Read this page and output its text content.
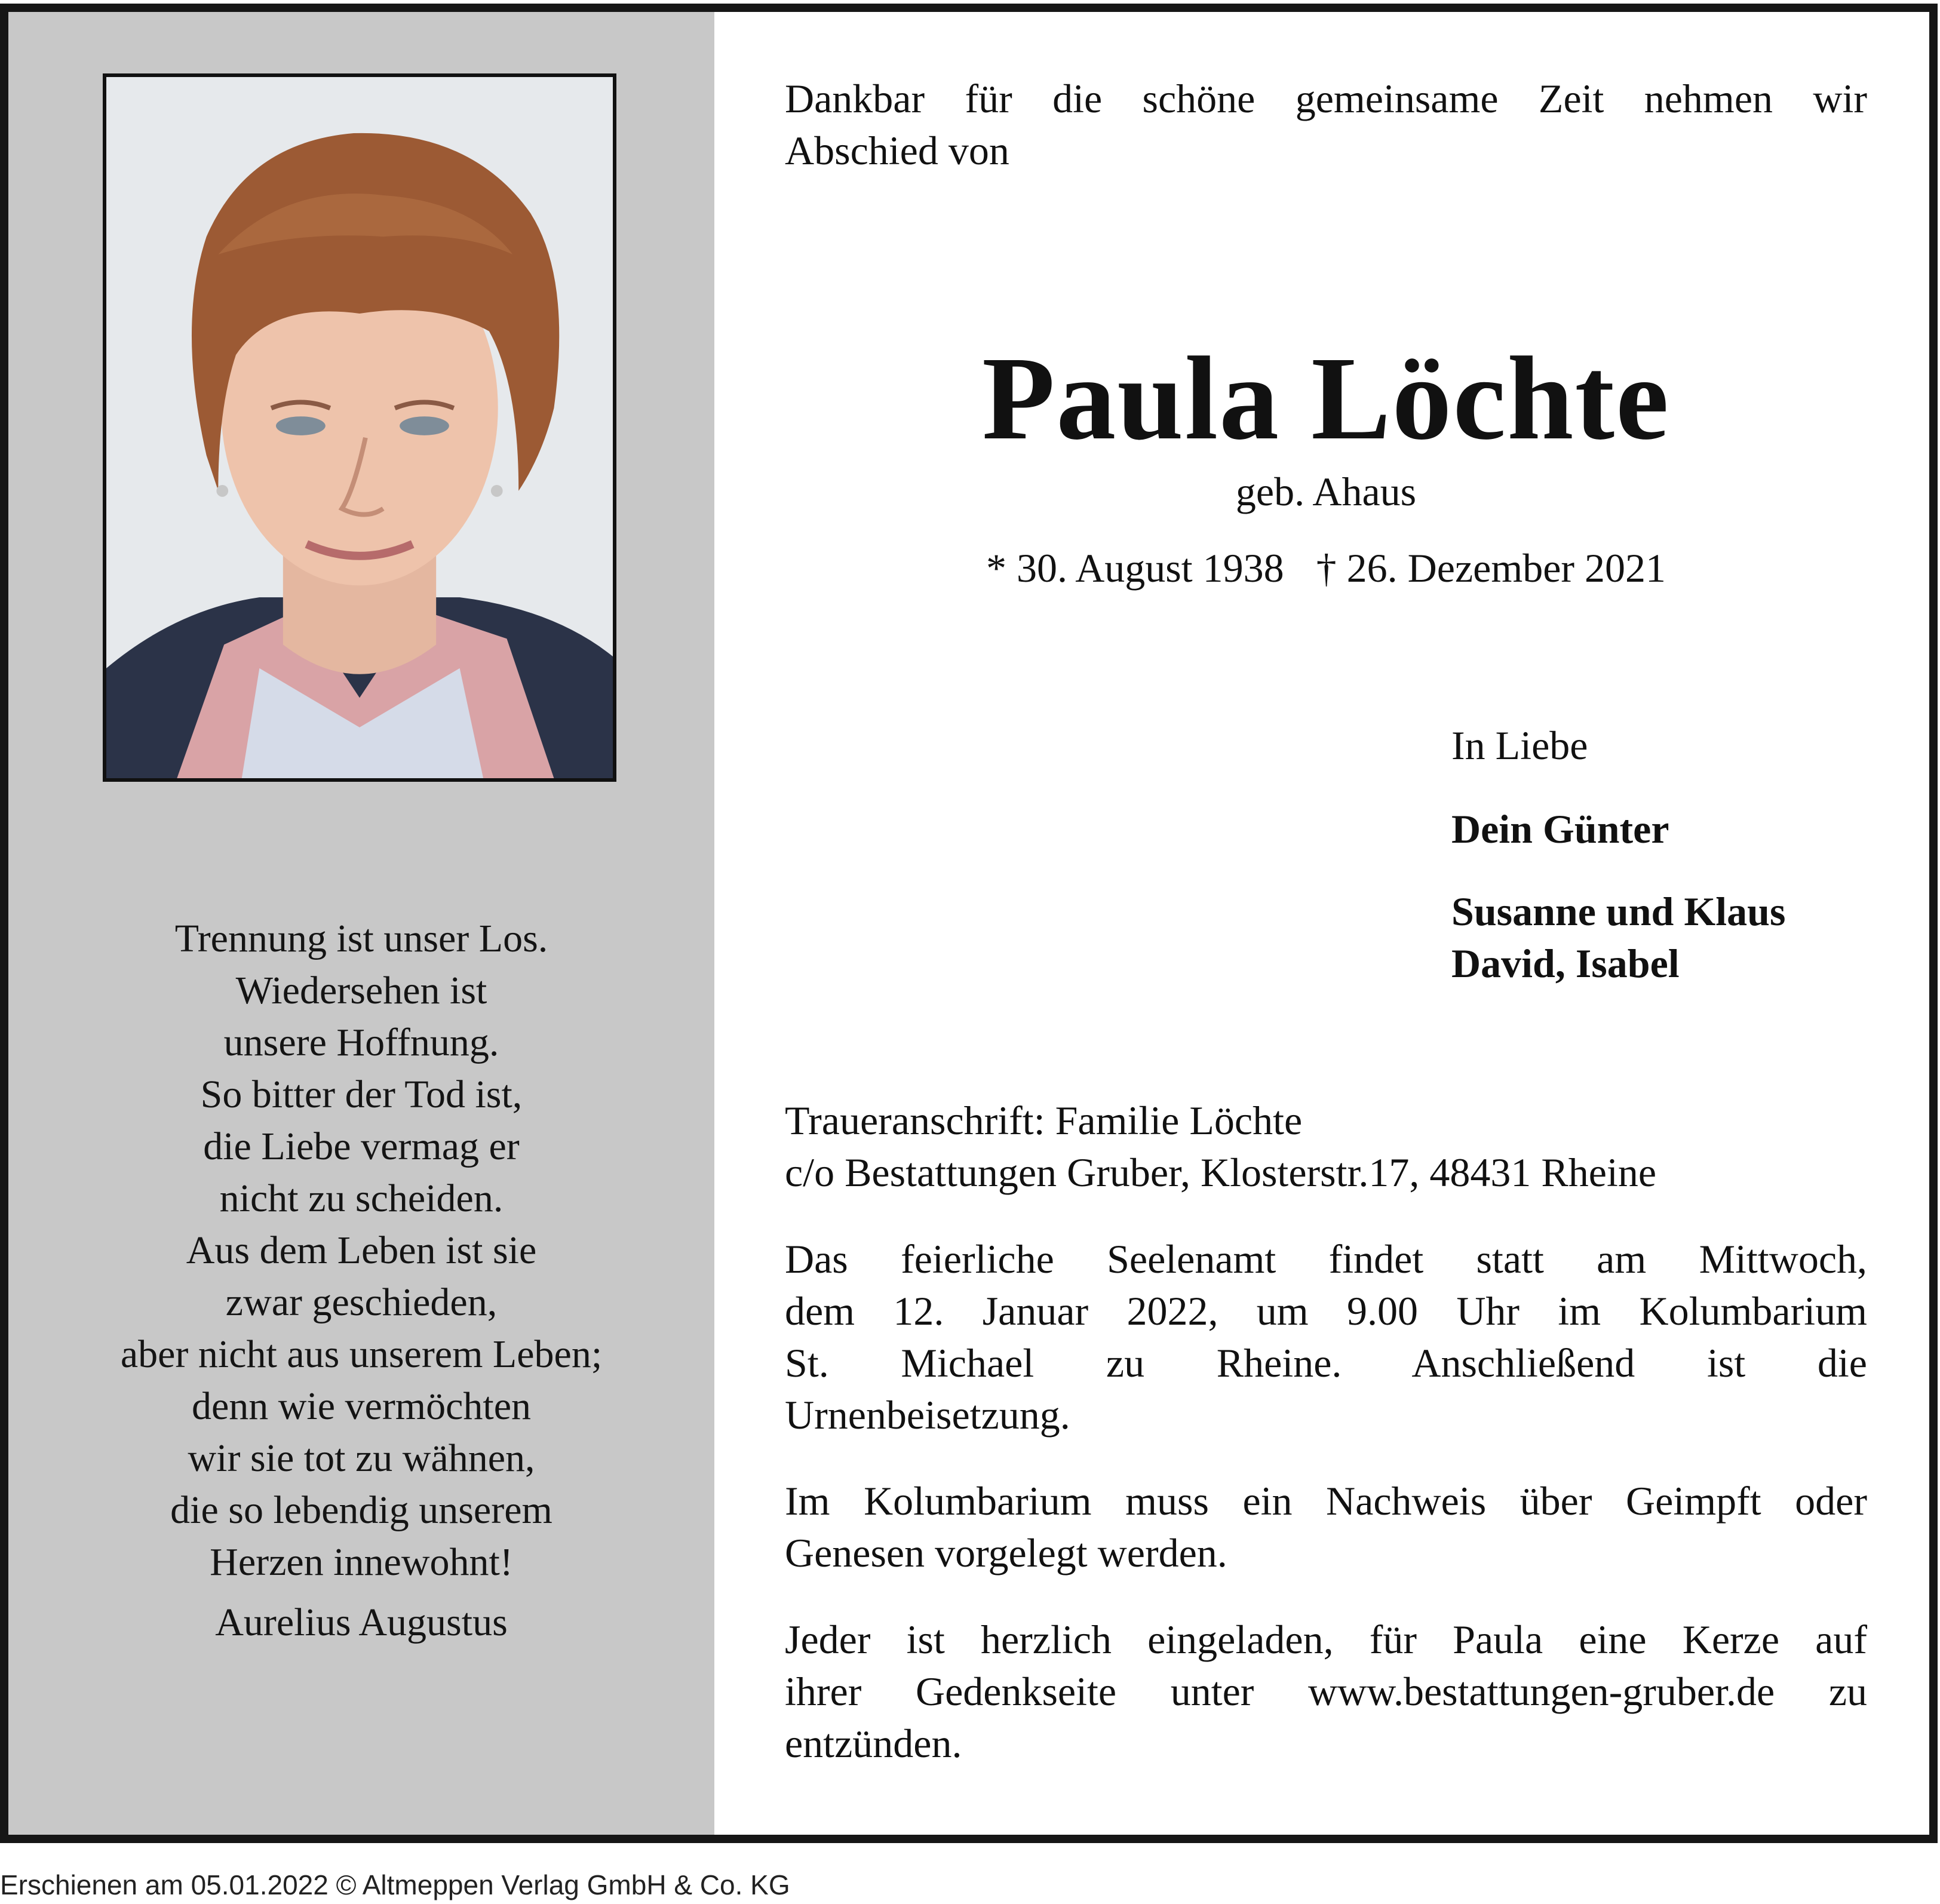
Trennung ist unser Los.
Wiedersehen ist
unsere Hoffnung.
So bitter der Tod ist,
die Liebe vermag er
nicht zu scheiden.
Aus dem Leben ist sie
zwar geschieden,
aber nicht aus unserem Leben;
denn wie vermöchten
wir sie tot zu wähnen,
die so lebendig unserem
Herzen innewohnt!
Aurelius Augustus
Dankbar für die schöne gemeinsame Zeit nehmen wir
Abschied von
Paula Löchte
geb. Ahaus
* 30. August 1938 † 26. Dezember 2021
In Liebe
Dein Günter
Susanne und Klaus
David, Isabel
Traueranschrift: Familie Löchte
c/o Bestattungen Gruber, Klosterstr.17, 48431 Rheine
Das feierliche Seelenamt findet statt am Mittwoch,
dem 12. Januar 2022, um 9.00 Uhr im Kolumbarium
St. Michael zu Rheine. Anschließend ist die
Urnenbeisetzung.
Im Kolumbarium muss ein Nachweis über Geimpft oder
Genesen vorgelegt werden.
Jeder ist herzlich eingeladen, für Paula eine Kerze auf
ihrer Gedenkseite unter www.bestattungen-gruber.de zu
entzünden.
Erschienen am 05.01.2022 © Altmeppen Verlag GmbH & Co. KG
